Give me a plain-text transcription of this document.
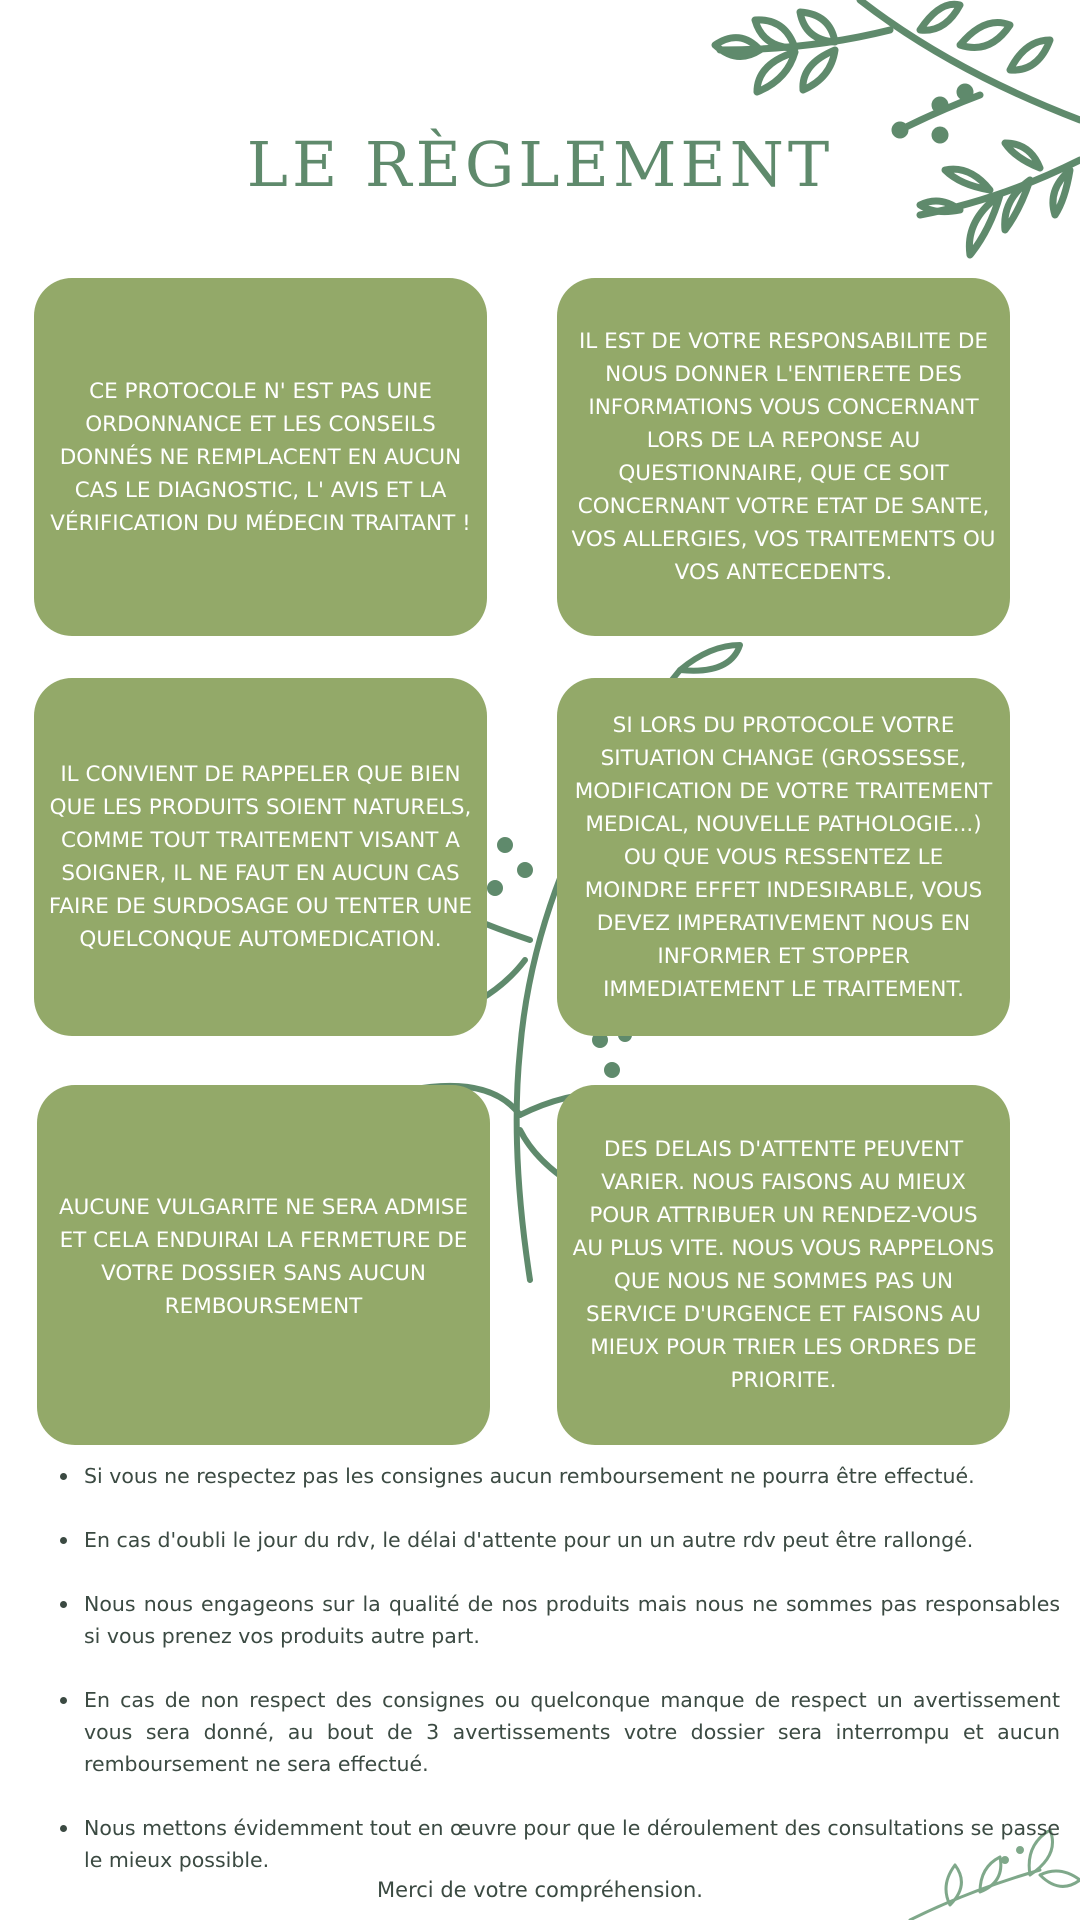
LE RÈGLEMENT
CE PROTOCOLE N' EST PAS UNE ORDONNANCE ET LES CONSEILS DONNÉS NE REMPLACENT EN AUCUN CAS LE DIAGNOSTIC, L' AVIS ET LA VÉRIFICATION DU MÉDECIN TRAITANT !
IL EST DE VOTRE RESPONSABILITE DE NOUS DONNER L'ENTIERETE DES INFORMATIONS VOUS CONCERNANT LORS DE LA REPONSE AU QUESTIONNAIRE, QUE CE SOIT CONCERNANT VOTRE ETAT DE SANTE, VOS ALLERGIES, VOS TRAITEMENTS OU VOS ANTECEDENTS.
IL CONVIENT DE RAPPELER QUE BIEN QUE LES PRODUITS SOIENT NATURELS, COMME TOUT TRAITEMENT VISANT A SOIGNER, IL NE FAUT EN AUCUN CAS FAIRE DE SURDOSAGE OU TENTER UNE QUELCONQUE AUTOMEDICATION.
SI LORS DU PROTOCOLE VOTRE SITUATION CHANGE (GROSSESSE, MODIFICATION DE VOTRE TRAITEMENT MEDICAL, NOUVELLE PATHOLOGIE...) OU QUE VOUS RESSENTEZ LE MOINDRE EFFET INDESIRABLE, VOUS DEVEZ IMPERATIVEMENT NOUS EN INFORMER ET STOPPER IMMEDIATEMENT LE TRAITEMENT.
AUCUNE VULGARITE NE SERA ADMISE ET CELA ENDUIRAI LA FERMETURE DE VOTRE DOSSIER SANS AUCUN REMBOURSEMENT
DES DELAIS D'ATTENTE PEUVENT VARIER. NOUS FAISONS AU MIEUX POUR ATTRIBUER UN RENDEZ-VOUS AU PLUS VITE. NOUS VOUS RAPPELONS QUE NOUS NE SOMMES PAS UN SERVICE D'URGENCE ET FAISONS AU MIEUX POUR TRIER LES ORDRES DE PRIORITE.
Si vous ne respectez pas les consignes aucun remboursement ne pourra être effectué.
En cas d'oubli le jour du rdv, le délai d'attente pour un un autre rdv peut être rallongé.
Nous nous engageons sur la qualité de nos produits mais nous ne sommes pas responsables si vous prenez vos produits autre part.
En cas de non respect des consignes ou quelconque manque de respect un avertissement vous sera donné, au bout de 3 avertissements votre dossier sera interrompu et aucun remboursement ne sera effectué.
Nous mettons évidemment tout en œuvre pour que le déroulement des consultations se passe le mieux possible.
Merci de votre compréhension.
